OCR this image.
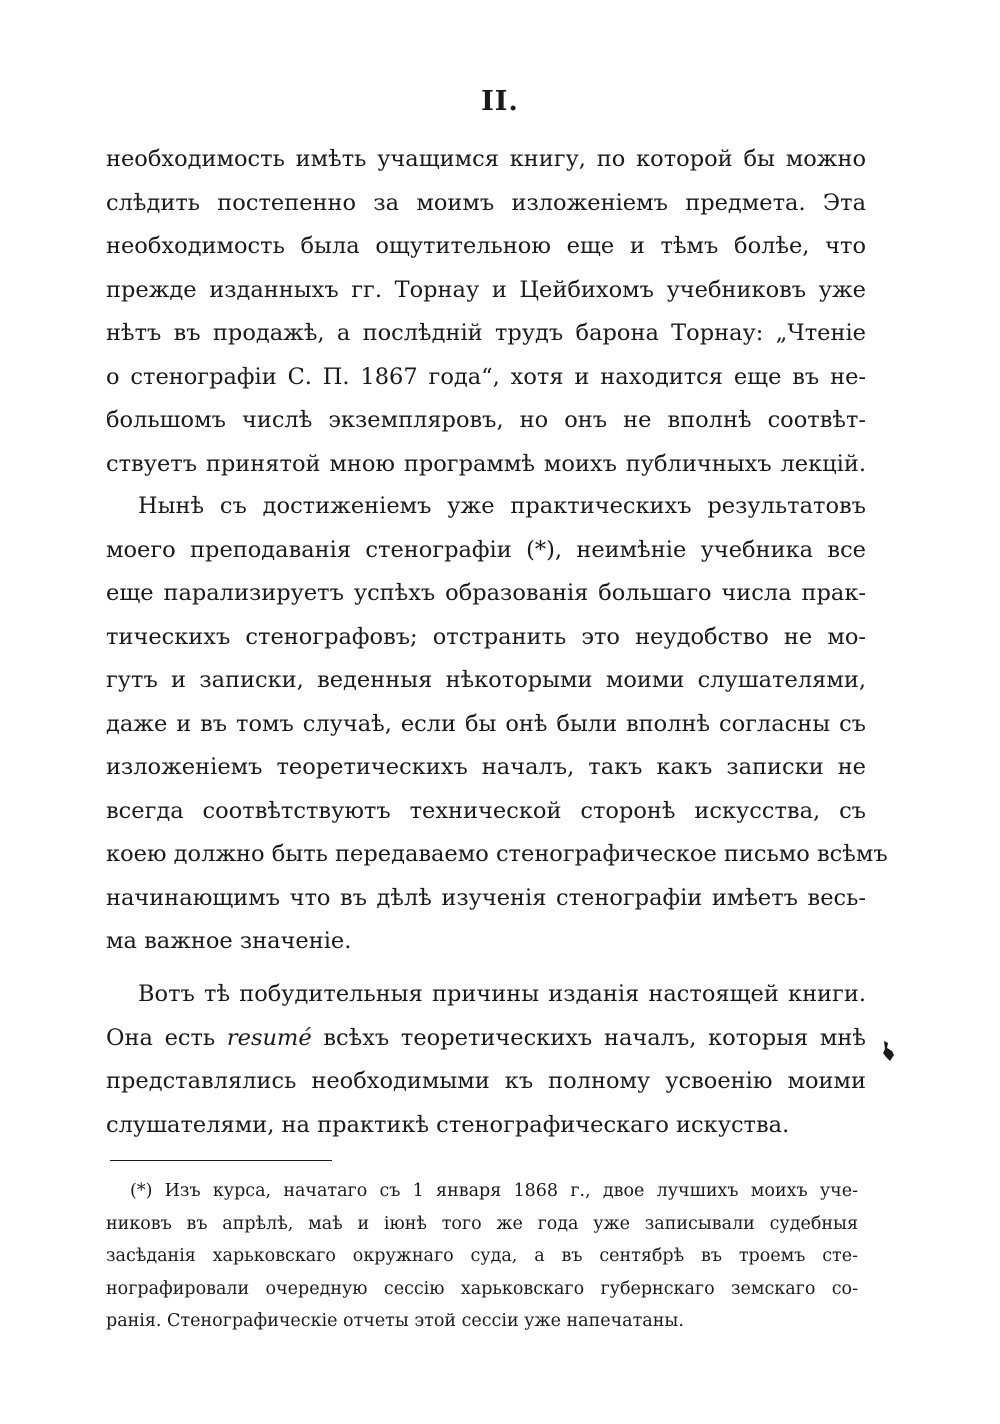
II.
необходимость имѣть учащимся книгу, по которой бы можно
слѣдить постепенно за моимъ изложенiемъ предмета. Эта
необходимость была ощутительною еще и тѣмъ болѣе, что
прежде изданныхъ гг. Торнау и Цейбихомъ учебниковъ уже
нѣтъ въ продажѣ, а послѣднiй трудъ барона Торнау: „Чтенiе
о стенографiи С. П. 1867 года“, хотя и находится еще въ не-
большомъ числѣ экземпляровъ, но онъ не вполнѣ соотвѣт-
ствуетъ принятой мною программѣ моихъ публичныхъ лекцiй.
Нынѣ съ достиженiемъ уже практическихъ результатовъ
моего преподаванiя стенографiи (*), неимѣнiе учебника все
еще парализируетъ успѣхъ образованiя большаго числа прак-
тическихъ стенографовъ; отстранить это неудобство не мо-
гутъ и записки, веденныя нѣкоторыми моими слушателями,
даже и въ томъ случаѣ, если бы онѣ были вполнѣ согласны съ
изложенiемъ теоретическихъ началъ, такъ какъ записки не
всегда соотвѣтствуютъ технической сторонѣ искусства, съ
коею должно быть передаваемо стенографическое письмо всѣмъ
начинающимъ что въ дѣлѣ изученiя стенографiи имѣетъ весь-
ма важное значенiе.
Вотъ тѣ побудительныя причины изданiя настоящей книги.
Она есть resumé всѣхъ теоретическихъ началъ, которыя мнѣ
представлялись необходимыми къ полному усвоенiю моими
слушателями, на практикѣ стенографическаго искуства.
(*) Изъ курса, начатаго съ 1 января 1868 г., двое лучшихъ моихъ уче-
никовъ въ апрѣлѣ, маѣ и iюнѣ того же года уже записывали судебныя
засѣданiя харьковскаго окружнаго суда, а въ сентябрѣ въ троемъ сте-
нографировали очередную сессiю харьковскаго губернскаго земскаго со-
ранiя. Стенографическiе отчеты этой сессiи уже напечатаны.
